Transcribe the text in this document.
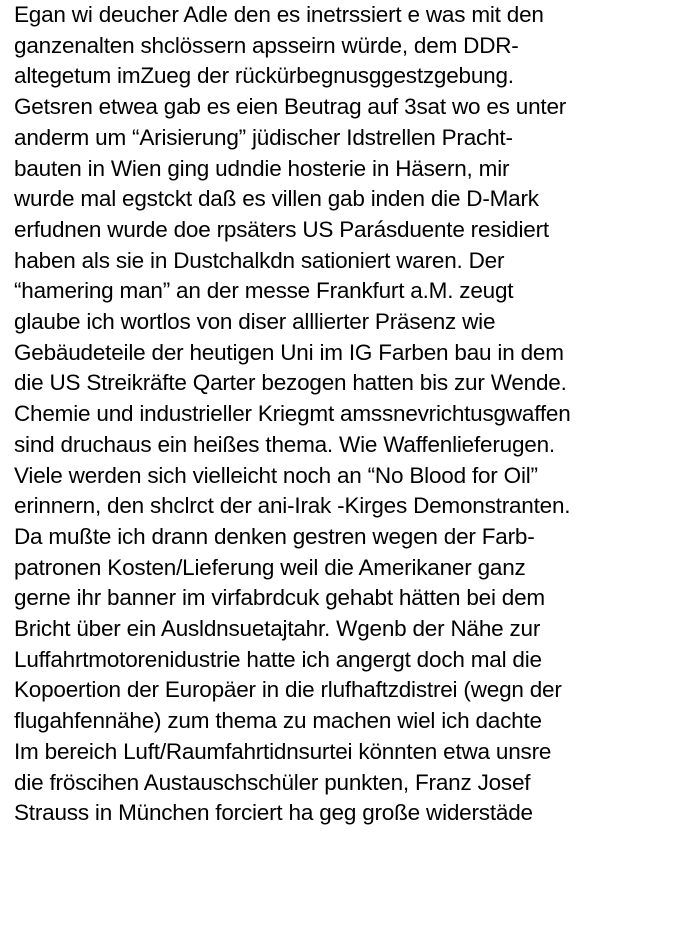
Egan wi deucher Adle den es inetrssiert e was mit den
ganzenalten shclössern apsseirn würde, dem DDR-
altegetum imZueg der rückürbegnusggestzgebung.
Getsren etwea gab es eien Beutrag auf 3sat wo es unter
anderm um “Arisierung” jüdischer Idstrellen Pracht-
bauten in Wien ging udndie hosterie in Häsern, mir
wurde mal egstckt daß es villen gab inden die D-Mark
erfudnen wurde doe rpsäters US Parásduente residiert
haben als sie in Dustchalkdn sationiert waren. Der
“hamering man” an der messe Frankfurt a.M. zeugt
glaube ich wortlos von diser alllierter Präsenz wie
Gebäudeteile der heutigen Uni im IG Farben bau in dem
die US Streikräfte Qarter bezogen hatten bis zur Wende.
Chemie und industrieller Kriegmt amssnevrichtusgwaffen
sind druchaus ein heißes thema. Wie Waffenlieferugen.
Viele werden sich vielleicht noch an “No Blood for Oil”
erinnern, den shclrct der ani-Irak -Kirges Demonstranten.
Da mußte ich drann denken gestren wegen der Farb-
patronen Kosten/Lieferung weil die Amerikaner ganz
gerne ihr banner im virfabrdcuk gehabt hätten bei dem
Bricht über ein Ausldnsuetajtahr. Wgenb der Nähe zur
Luffahrtmotorenidustrie hatte ich angergt doch mal die
Kopoertion der Europäer in die rlufhaftzdistrei (wegn der
flugahfennähe) zum thema zu machen wiel ich dachte
Im bereich Luft/Raumfahrtidnsurtei könnten etwa unsre
die fröscihen Austauschschüler punkten, Franz Josef
Strauss in München forciert ha geg große widerstäde
